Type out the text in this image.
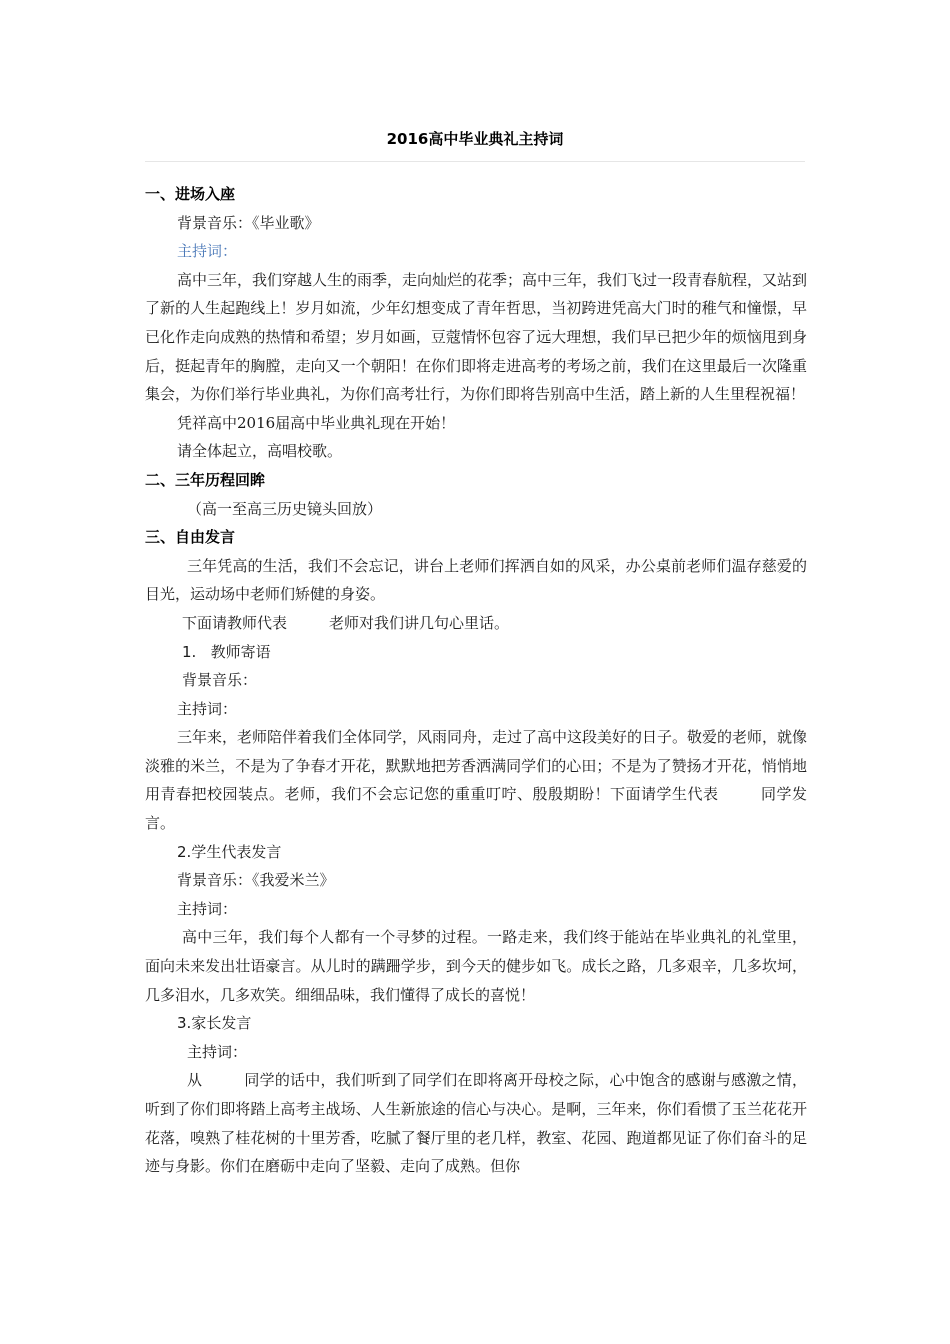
2016高中毕业典礼主持词
一、进场入座
背景音乐：《毕业歌》
主持词：
高中三年，我们穿越人生的雨季，走向灿烂的花季；高中三年，我们飞过一段青春航程，又站到了新的人生起跑线上！岁月如流，少年幻想变成了青年哲思，当初跨进凭高大门时的稚气和憧憬，早已化作走向成熟的热情和希望；岁月如画，豆蔻情怀包容了远大理想，我们早已把少年的烦恼甩到身后，挺起青年的胸膛，走向又一个朝阳！在你们即将走进高考的考场之前，我们在这里最后一次隆重集会，为你们举行毕业典礼，为你们高考壮行，为你们即将告别高中生活，踏上新的人生里程祝福！
凭祥高中2016届高中毕业典礼现在开始！
请全体起立，高唱校歌。
二、三年历程回眸
（高一至高三历史镜头回放）
三、自由发言
三年凭高的生活，我们不会忘记，讲台上老师们挥洒自如的风采，办公桌前老师们温存慈爱的目光，运动场中老师们矫健的身姿。
下面请教师代表	老师对我们讲几句心里话。
1. 教师寄语
背景音乐：
主持词：
三年来，老师陪伴着我们全体同学，风雨同舟，走过了高中这段美好的日子。敬爱的老师，就像淡雅的米兰，不是为了争春才开花，默默地把芳香洒满同学们的心田；不是为了赞扬才开花，悄悄地用青春把校园装点。老师，我们不会忘记您的重重叮咛、殷殷期盼！下面请学生代表	同学发言。
2.学生代表发言
背景音乐：《我爱米兰》
主持词：
高中三年，我们每个人都有一个寻梦的过程。一路走来，我们终于能站在毕业典礼的礼堂里，面向未来发出壮语豪言。从儿时的蹒跚学步，到今天的健步如飞。成长之路，几多艰辛，几多坎坷，几多泪水，几多欢笑。细细品味，我们懂得了成长的喜悦！
3.家长发言
主持词：
从	同学的话中，我们听到了同学们在即将离开母校之际，心中饱含的感谢与感激之情，听到了你们即将踏上高考主战场、人生新旅途的信心与决心。是啊，三年来，你们看惯了玉兰花花开花落，嗅熟了桂花树的十里芳香，吃腻了餐厅里的老几样，教室、花园、跑道都见证了你们奋斗的足迹与身影。你们在磨砺中走向了坚毅、走向了成熟。但你
